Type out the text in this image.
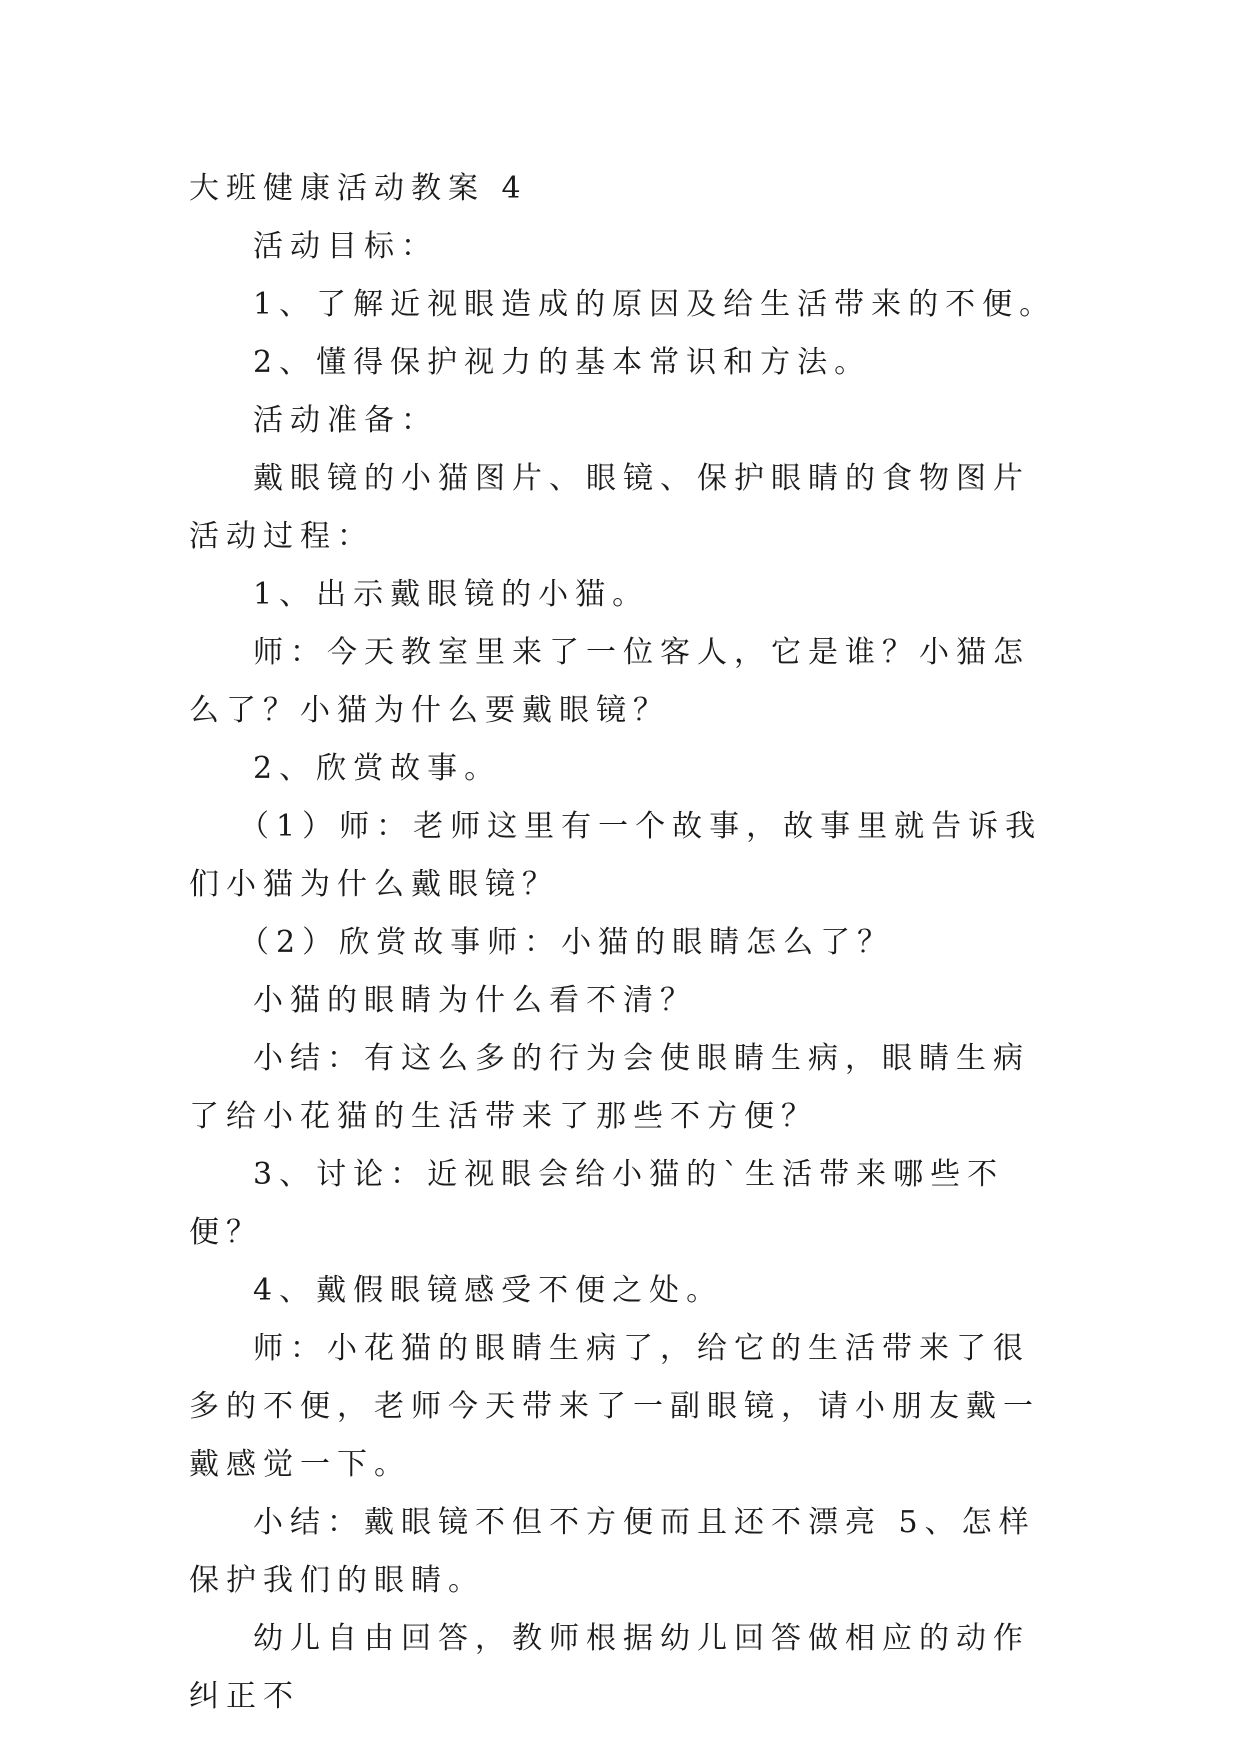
大班健康活动教案 4

活动目标：

1、了解近视眼造成的原因及给生活带来的不便。

2、懂得保护视力的基本常识和方法。

活动准备：

戴眼镜的小猫图片、眼镜、保护眼睛的食物图片活动过程：

1、出示戴眼镜的小猫。

师：今天教室里来了一位客人，它是谁？小猫怎么了？小猫为什么要戴眼镜？

2、欣赏故事。

（1）师：老师这里有一个故事，故事里就告诉我们小猫为什么戴眼镜？

（2）欣赏故事师：小猫的眼睛怎么了？

小猫的眼睛为什么看不清？

小结：有这么多的行为会使眼睛生病，眼睛生病了给小花猫的生活带来了那些不方便？

3、讨论：近视眼会给小猫的`生活带来哪些不便？

4、戴假眼镜感受不便之处。

师：小花猫的眼睛生病了，给它的生活带来了很多的不便，老师今天带来了一副眼镜，请小朋友戴一戴感觉一下。

小结：戴眼镜不但不方便而且还不漂亮 5、怎样保护我们的眼睛。

幼儿自由回答，教师根据幼儿回答做相应的动作纠正不
